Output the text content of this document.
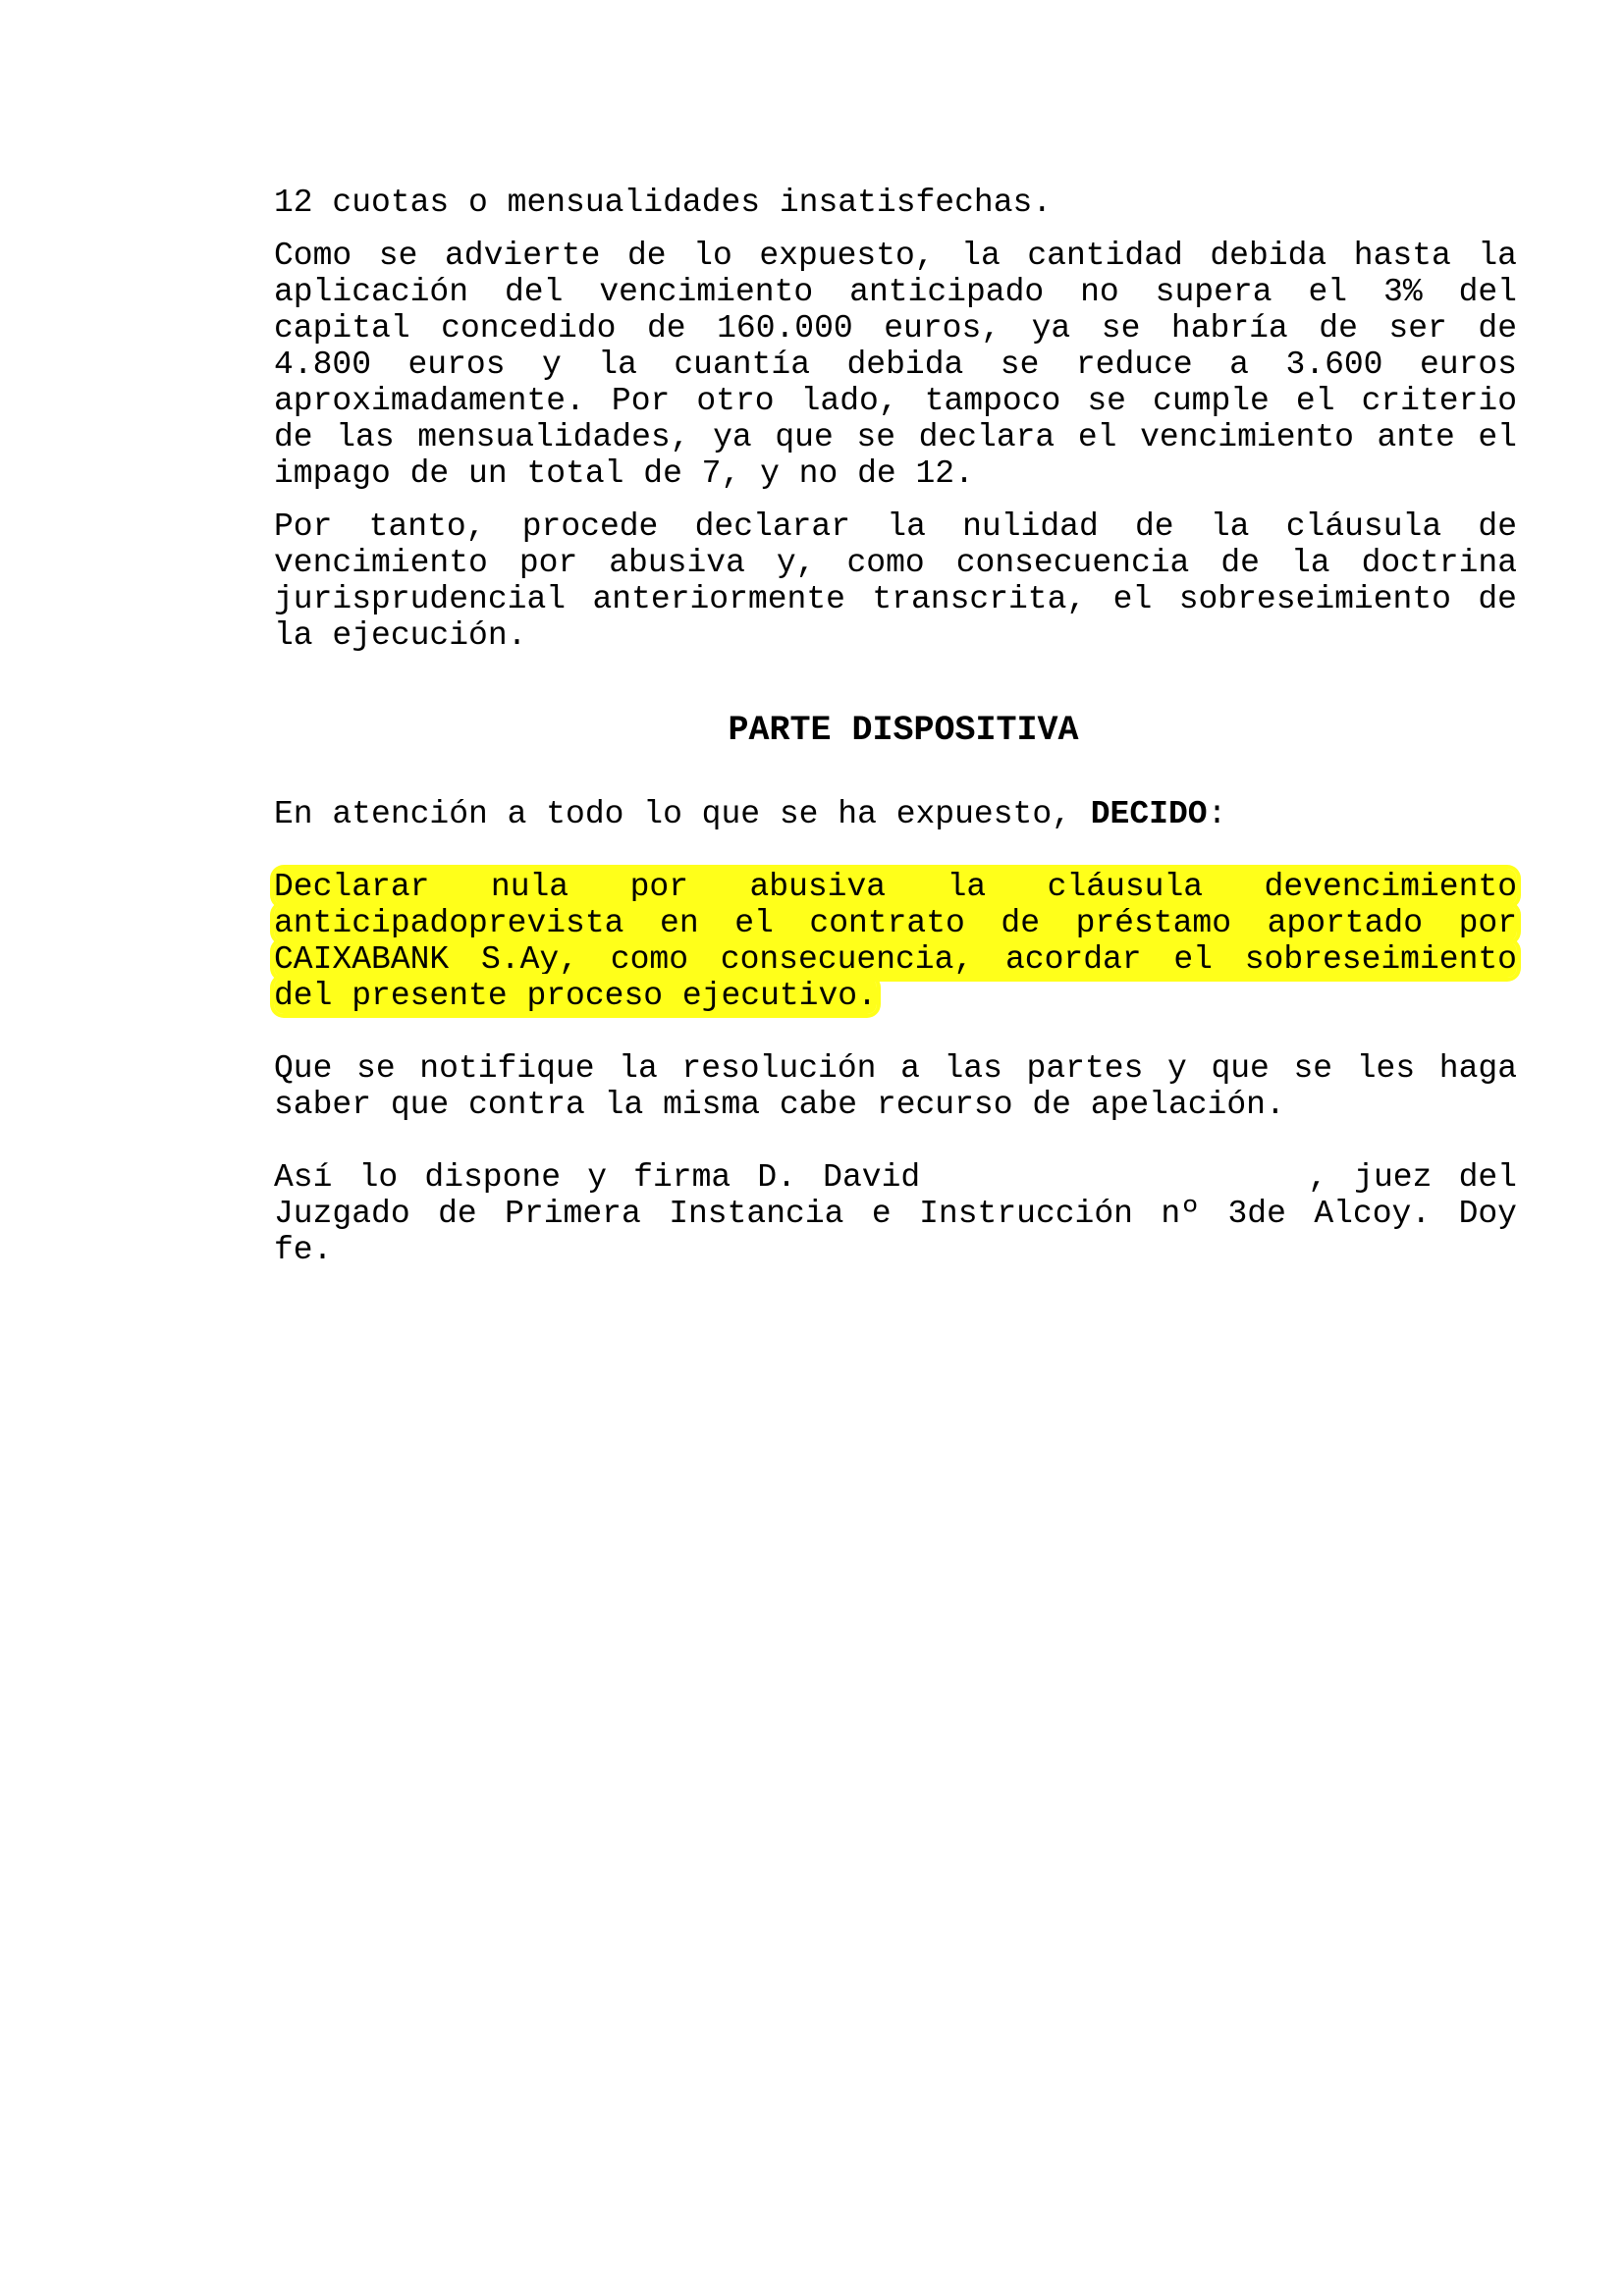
12 cuotas o mensualidades insatisfechas.

Como se advierte de lo expuesto, la cantidad debida hasta la aplicación del vencimiento anticipado no supera el 3% del capital concedido de 160.000 euros, ya se habría de ser de 4.800 euros y la cuantía debida se reduce a 3.600 euros aproximadamente. Por otro lado, tampoco se cumple el criterio de las mensualidades, ya que se declara el vencimiento ante el impago de un total de 7, y no de 12.

Por tanto, procede declarar la nulidad de la cláusula de vencimiento por abusiva y, como consecuencia de la doctrina jurisprudencial anteriormente transcrita, el sobreseimiento de la ejecución.

PARTE DISPOSITIVA

En atención a todo lo que se ha expuesto, DECIDO:

Declarar nula por abusiva la cláusula devencimiento anticipadoprevista en el contrato de préstamo aportado por CAIXABANK S.Ay, como consecuencia, acordar el sobreseimiento del presente proceso ejecutivo.

Que se notifique la resolución a las partes y que se les haga saber que contra la misma cabe recurso de apelación.

Así lo dispone y firma D. David	, juez del Juzgado de Primera Instancia e Instrucción nº 3de Alcoy. Doy fe.
